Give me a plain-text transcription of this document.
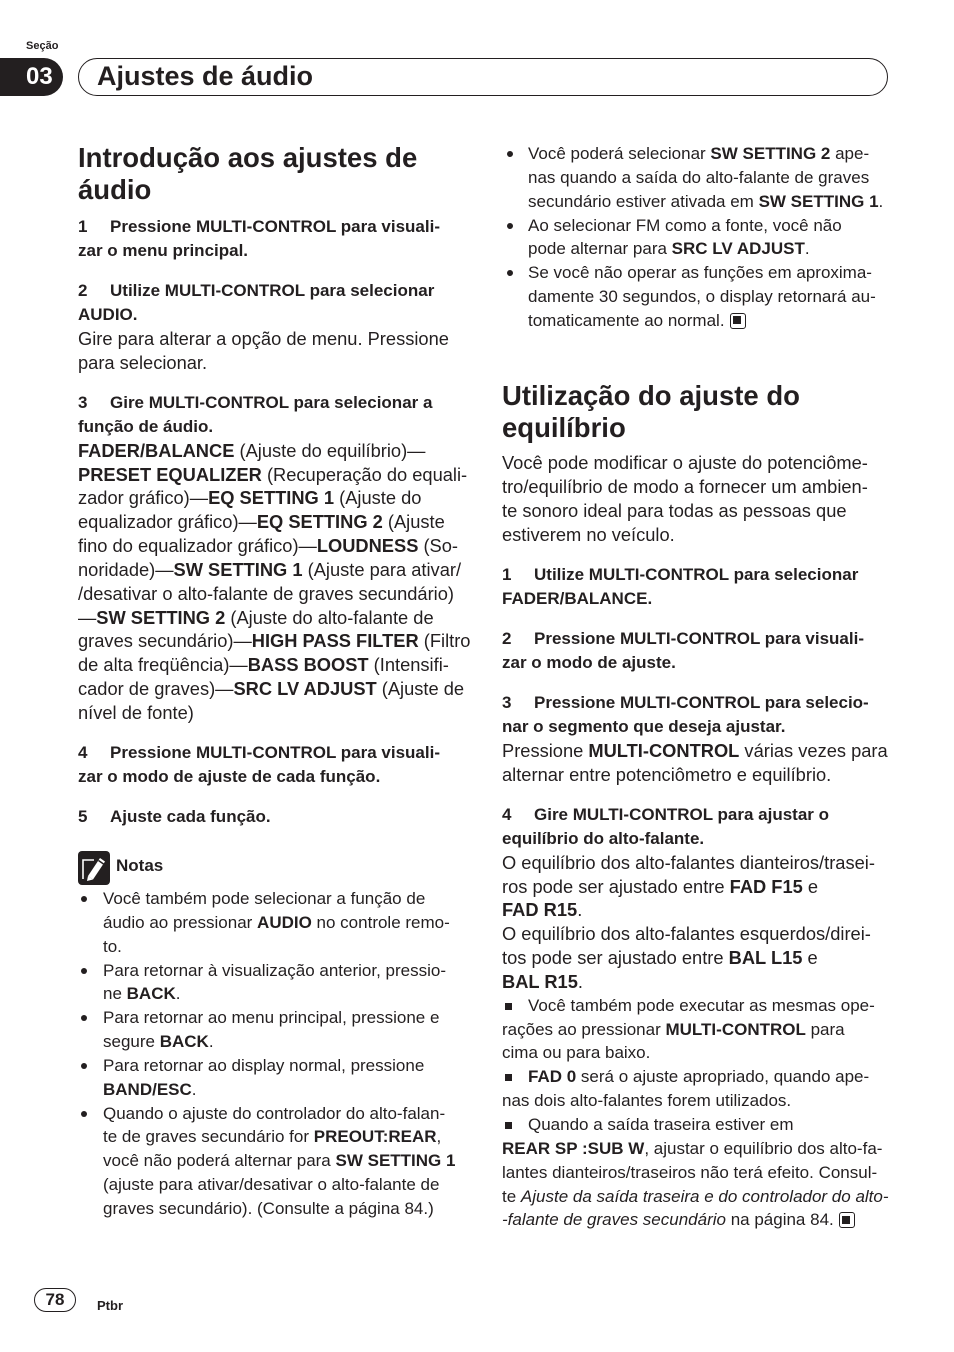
Seção
03	Ajustes de áudio
Introdução aos ajustes de
áudio
1 Pressione MULTI-CONTROL para visuali-
zar o menu principal.
2 Utilize MULTI-CONTROL para selecionar
AUDIO.
Gire para alterar a opção de menu. Pressione
para selecionar.
3 Gire MULTI-CONTROL para selecionar a
função de áudio.
FADER/BALANCE (Ajuste do equilíbrio)—
PRESET EQUALIZER (Recuperação do equali-
zador gráfico)—EQ SETTING 1 (Ajuste do
equalizador gráfico)—EQ SETTING 2 (Ajuste
fino do equalizador gráfico)—LOUDNESS (So-
noridade)—SW SETTING 1 (Ajuste para ativar/
/desativar o alto-falante de graves secundário)
—SW SETTING 2 (Ajuste do alto-falante de
graves secundário)—HIGH PASS FILTER (Filtro
de alta freqüência)—BASS BOOST (Intensifi-
cador de graves)—SRC LV ADJUST (Ajuste de
nível de fonte)
4 Pressione MULTI-CONTROL para visuali-
zar o modo de ajuste de cada função.
5 Ajuste cada função.
Notas
Você também pode selecionar a função de
áudio ao pressionar AUDIO no controle remo-
to.
Para retornar à visualização anterior, pressio-
ne BACK.
Para retornar ao menu principal, pressione e
segure BACK.
Para retornar ao display normal, pressione
BAND/ESC.
Quando o ajuste do controlador do alto-falan-
te de graves secundário for PREOUT:REAR,
você não poderá alternar para SW SETTING 1
(ajuste para ativar/desativar o alto-falante de
graves secundário). (Consulte a página 84.)
Você poderá selecionar SW SETTING 2 ape-
nas quando a saída do alto-falante de graves
secundário estiver ativada em SW SETTING 1.
Ao selecionar FM como a fonte, você não
pode alternar para SRC LV ADJUST.
Se você não operar as funções em aproxima-
damente 30 segundos, o display retornará au-
tomaticamente ao normal.
Utilização do ajuste do
equilíbrio
Você pode modificar o ajuste do potenciôme-
tro/equilíbrio de modo a fornecer um ambien-
te sonoro ideal para todas as pessoas que
estiverem no veículo.
1 Utilize MULTI-CONTROL para selecionar
FADER/BALANCE.
2 Pressione MULTI-CONTROL para visuali-
zar o modo de ajuste.
3 Pressione MULTI-CONTROL para selecio-
nar o segmento que deseja ajustar.
Pressione MULTI-CONTROL várias vezes para
alternar entre potenciômetro e equilíbrio.
4 Gire MULTI-CONTROL para ajustar o
equilíbrio do alto-falante.
O equilíbrio dos alto-falantes dianteiros/trasei-
ros pode ser ajustado entre FAD F15 e
FAD R15.
O equilíbrio dos alto-falantes esquerdos/direi-
tos pode ser ajustado entre BAL L15 e
BAL R15.
Você também pode executar as mesmas ope-
rações ao pressionar MULTI-CONTROL para
cima ou para baixo.
FAD 0 será o ajuste apropriado, quando ape-
nas dois alto-falantes forem utilizados.
Quando a saída traseira estiver em
REAR SP :SUB W, ajustar o equilíbrio dos alto-fa-
lantes dianteiros/traseiros não terá efeito. Consul-
te Ajuste da saída traseira e do controlador do alto-
-falante de graves secundário na página 84.
78	Ptbr
